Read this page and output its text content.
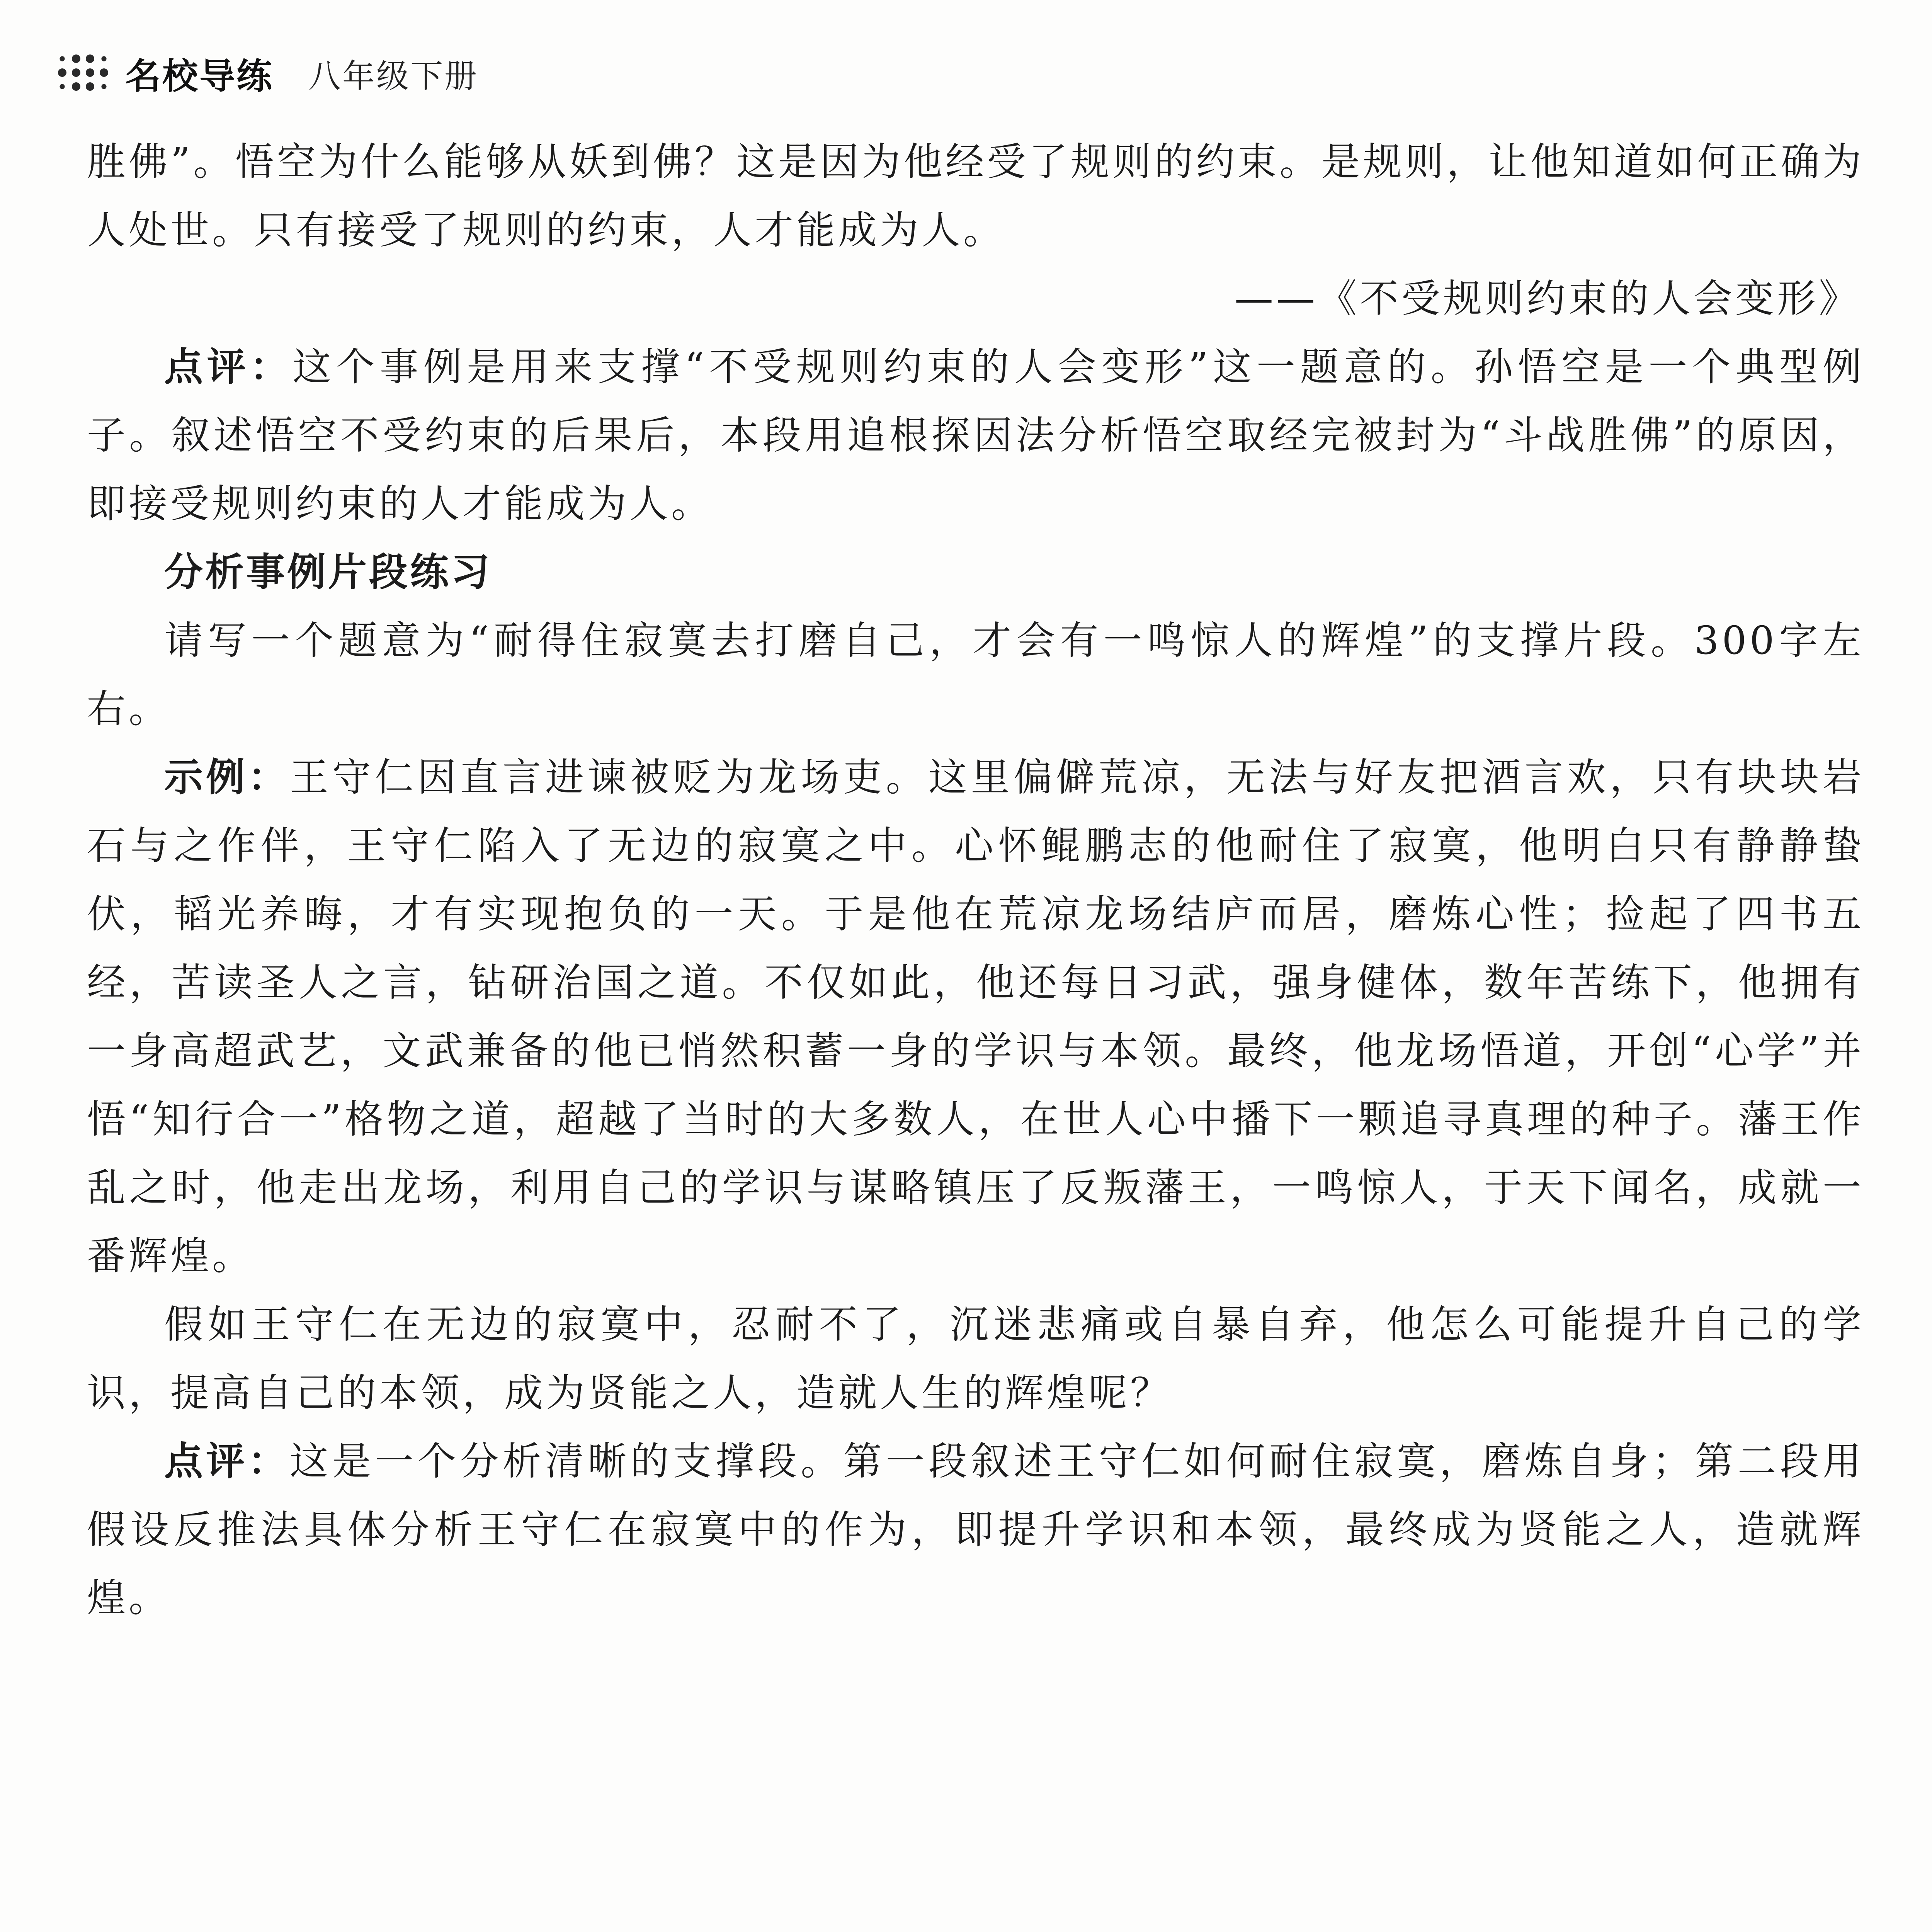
名校导练 八年级下册

胜佛”。悟空为什么能够从妖到佛？这是因为他经受了规则的约束。是规则，让他知道如何正确为人处世。只有接受了规则的约束，人才能成为人。

——《不受规则约束的人会变形》

点评：这个事例是用来支撑“不受规则约束的人会变形”这一题意的。孙悟空是一个典型例子。叙述悟空不受约束的后果后，本段用追根探因法分析悟空取经完被封为“斗战胜佛”的原因，即接受规则约束的人才能成为人。

分析事例片段练习

请写一个题意为“耐得住寂寞去打磨自己，才会有一鸣惊人的辉煌”的支撑片段。300字左右。

示例：王守仁因直言进谏被贬为龙场吏。这里偏僻荒凉，无法与好友把酒言欢，只有块块岩石与之作伴，王守仁陷入了无边的寂寞之中。心怀鲲鹏志的他耐住了寂寞，他明白只有静静蛰伏，韬光养晦，才有实现抱负的一天。于是他在荒凉龙场结庐而居，磨炼心性；捡起了四书五经，苦读圣人之言，钻研治国之道。不仅如此，他还每日习武，强身健体，数年苦练下，他拥有一身高超武艺，文武兼备的他已悄然积蓄一身的学识与本领。最终，他龙场悟道，开创“心学”并悟“知行合一”格物之道，超越了当时的大多数人，在世人心中播下一颗追寻真理的种子。藩王作乱之时，他走出龙场，利用自己的学识与谋略镇压了反叛藩王，一鸣惊人，于天下闻名，成就一番辉煌。

假如王守仁在无边的寂寞中，忍耐不了，沉迷悲痛或自暴自弃，他怎么可能提升自己的学识，提高自己的本领，成为贤能之人，造就人生的辉煌呢？

点评：这是一个分析清晰的支撑段。第一段叙述王守仁如何耐住寂寞，磨炼自身；第二段用假设反推法具体分析王守仁在寂寞中的作为，即提升学识和本领，最终成为贤能之人，造就辉煌。
